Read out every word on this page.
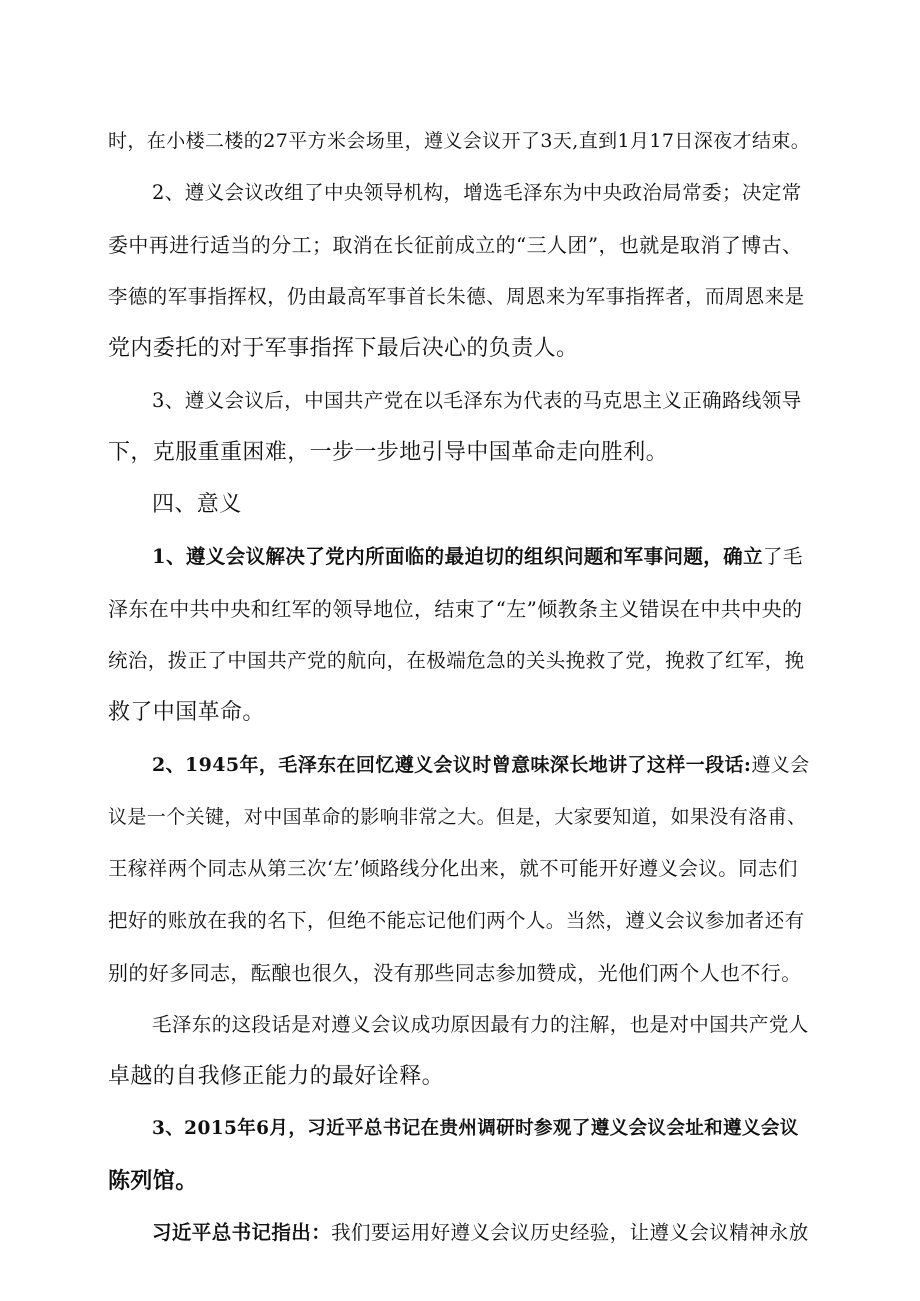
时，在小楼二楼的27平方米会场里，遵义会议开了3天,直到1月17日深夜才结束。
2、遵义会议改组了中央领导机构，增选毛泽东为中央政治局常委；决定常
委中再进行适当的分工；取消在长征前成立的“三人团”，也就是取消了博古、
李德的军事指挥权，仍由最高军事首长朱德、周恩来为军事指挥者，而周恩来是
党内委托的对于军事指挥下最后决心的负责人。
3、遵义会议后，中国共产党在以毛泽东为代表的马克思主义正确路线领导
下，克服重重困难，一步一步地引导中国革命走向胜利。
四、意义
1、遵义会议解决了党内所面临的最迫切的组织问题和军事问题，确立了毛
泽东在中共中央和红军的领导地位，结束了“左”倾教条主义错误在中共中央的
统治，拨正了中国共产党的航向，在极端危急的关头挽救了党，挽救了红军，挽
救了中国革命。
2、1945年，毛泽东在回忆遵义会议时曾意味深长地讲了这样一段话:遵义会
议是一个关键，对中国革命的影响非常之大。但是，大家要知道，如果没有洛甫、
王稼祥两个同志从第三次‘左’倾路线分化出来，就不可能开好遵义会议。同志们
把好的账放在我的名下，但绝不能忘记他们两个人。当然，遵义会议参加者还有
别的好多同志，酝酿也很久，没有那些同志参加赞成，光他们两个人也不行。
毛泽东的这段话是对遵义会议成功原因最有力的注解，也是对中国共产党人
卓越的自我修正能力的最好诠释。
3、2015年6月，习近平总书记在贵州调研时参观了遵义会议会址和遵义会议
陈列馆。
习近平总书记指出：我们要运用好遵义会议历史经验，让遵义会议精神永放
